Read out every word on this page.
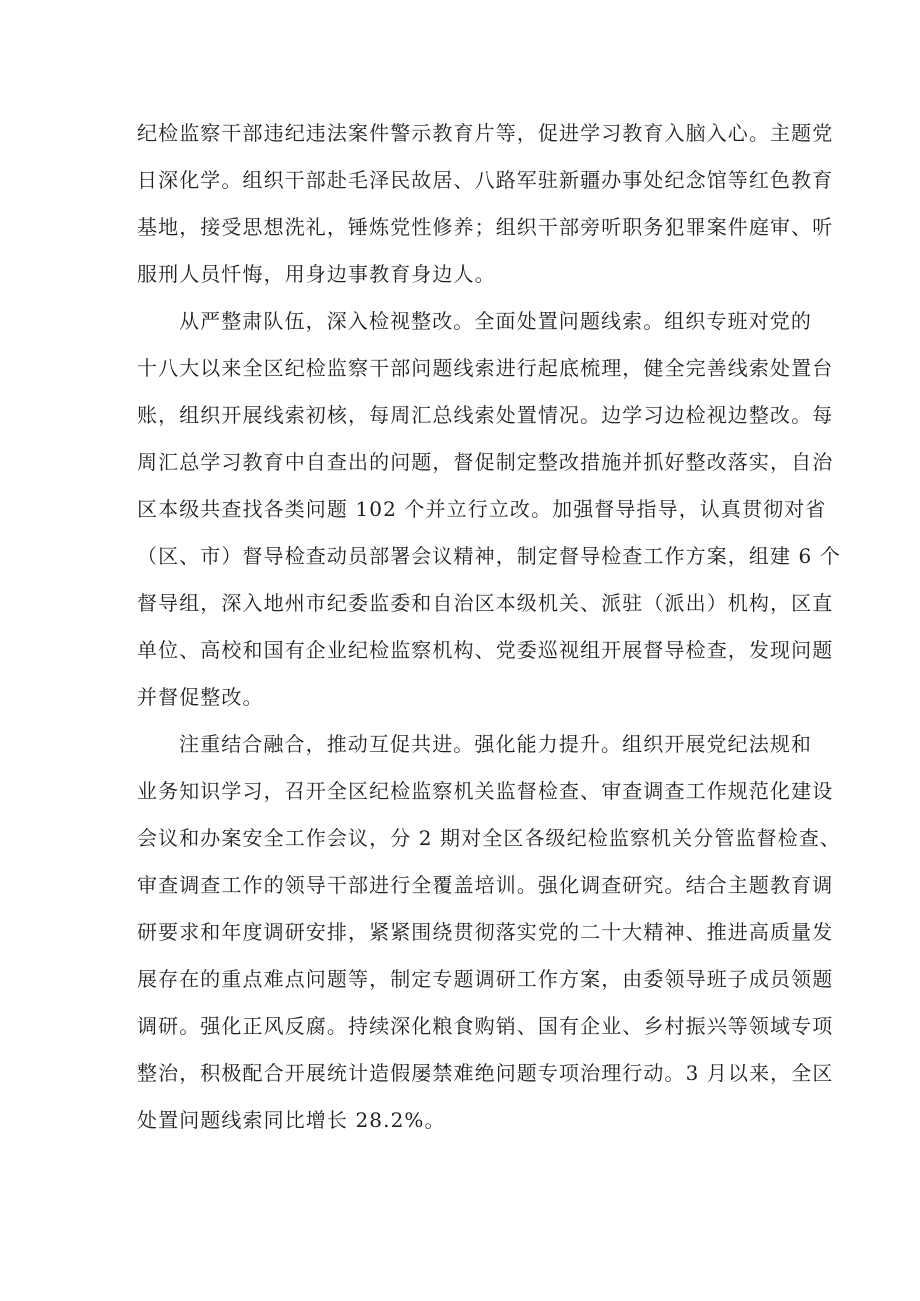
纪检监察干部违纪违法案件警示教育片等，促进学习教育入脑入心。主题党
日深化学。组织干部赴毛泽民故居、八路军驻新疆办事处纪念馆等红色教育
基地，接受思想洗礼，锤炼党性修养；组织干部旁听职务犯罪案件庭审、听
服刑人员忏悔，用身边事教育身边人。
从严整肃队伍，深入检视整改。全面处置问题线索。组织专班对党的
十八大以来全区纪检监察干部问题线索进行起底梳理，健全完善线索处置台
账，组织开展线索初核，每周汇总线索处置情况。边学习边检视边整改。每
周汇总学习教育中自查出的问题，督促制定整改措施并抓好整改落实，自治
区本级共查找各类问题 102 个并立行立改。加强督导指导，认真贯彻对省
（区、市）督导检查动员部署会议精神，制定督导检查工作方案，组建 6 个
督导组，深入地州市纪委监委和自治区本级机关、派驻（派出）机构，区直
单位、高校和国有企业纪检监察机构、党委巡视组开展督导检查，发现问题
并督促整改。
注重结合融合，推动互促共进。强化能力提升。组织开展党纪法规和
业务知识学习，召开全区纪检监察机关监督检查、审查调查工作规范化建设
会议和办案安全工作会议，分 2 期对全区各级纪检监察机关分管监督检查、
审查调查工作的领导干部进行全覆盖培训。强化调查研究。结合主题教育调
研要求和年度调研安排，紧紧围绕贯彻落实党的二十大精神、推进高质量发
展存在的重点难点问题等，制定专题调研工作方案，由委领导班子成员领题
调研。强化正风反腐。持续深化粮食购销、国有企业、乡村振兴等领域专项
整治，积极配合开展统计造假屡禁难绝问题专项治理行动。3 月以来，全区
处置问题线索同比增长 28.2%。
